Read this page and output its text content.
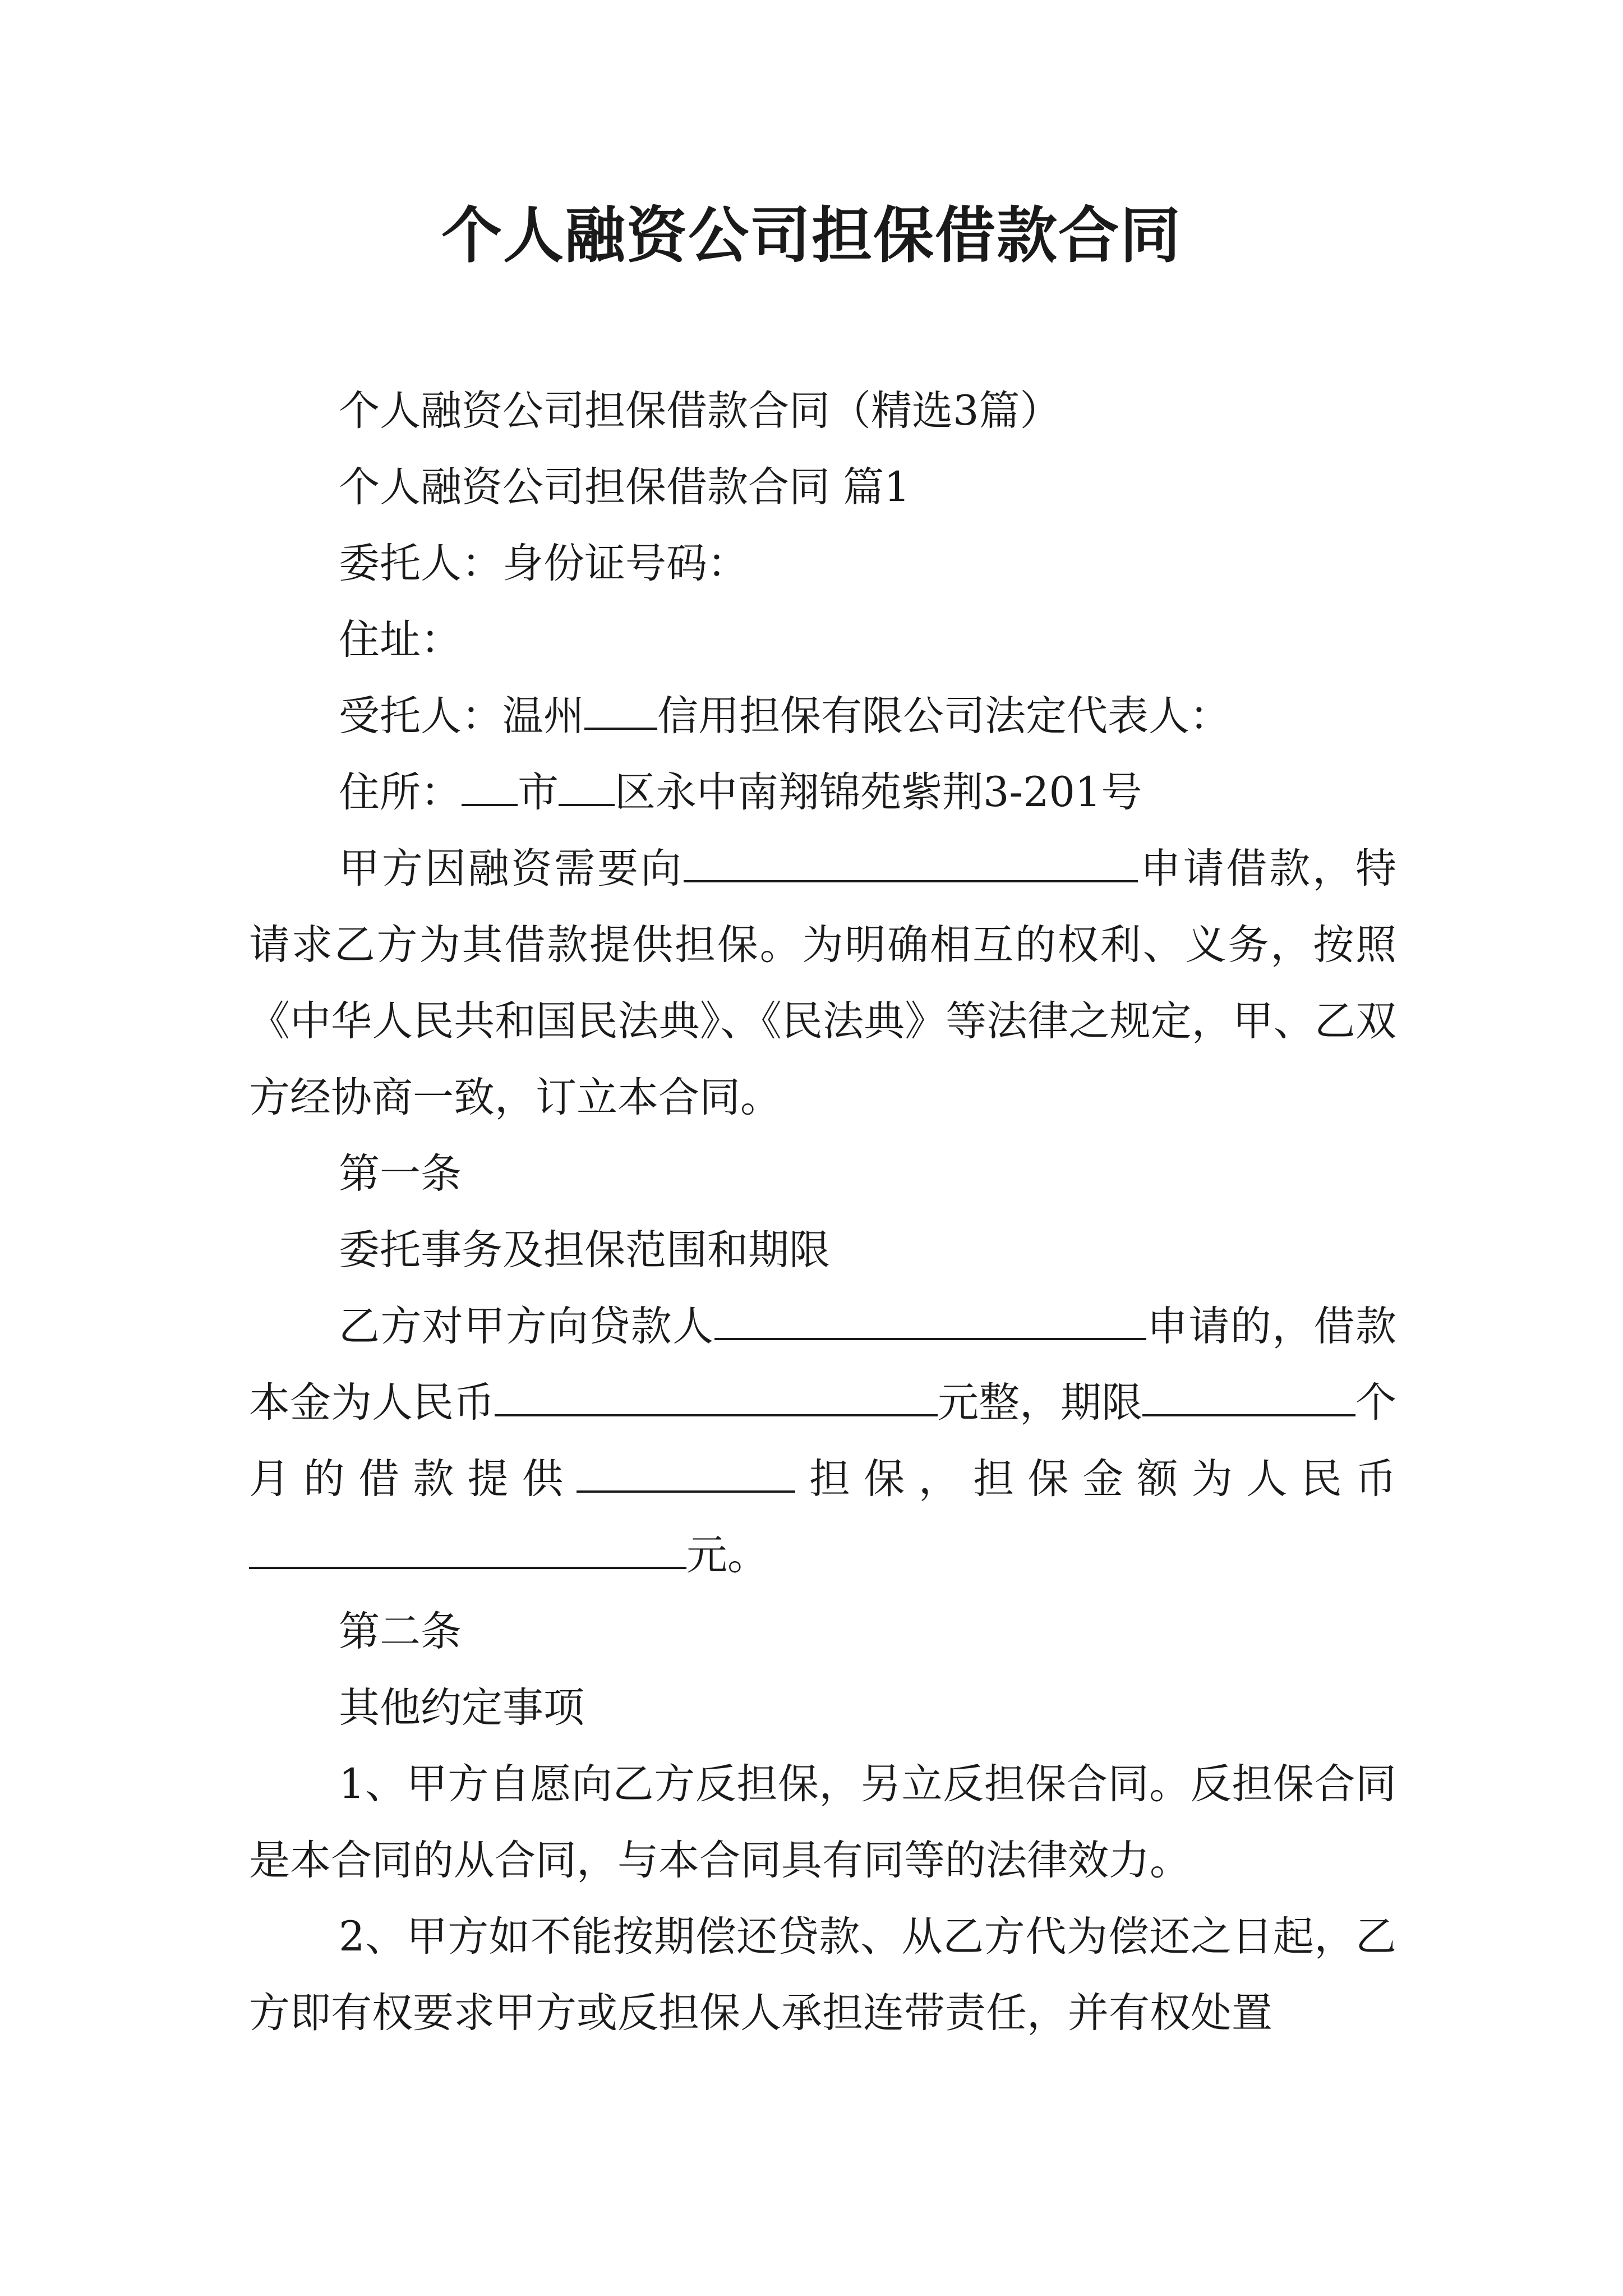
个人融资公司担保借款合同

个人融资公司担保借款合同（精选3篇）

个人融资公司担保借款合同 篇1

委托人：身份证号码：

住址：

受托人：温州 信用担保有限公司法定代表人：

住所： 市 区永中南翔锦苑紫荆3-201号

甲方因融资需要向	申请借款，特请求乙方为其借款提供担保。为明确相互的权利、义务，按照《中华人民共和国民法典》、《民法典》等法律之规定，甲、乙双方经协商一致，订立本合同。

第一条

委托事务及担保范围和期限

乙方对甲方向贷款人	申请的，借款本金为人民币	元整，期限	个月的借款提供	担保，担保金额为人民币元。

第二条

其他约定事项

1、甲方自愿向乙方反担保，另立反担保合同。反担保合同是本合同的从合同，与本合同具有同等的法律效力。

2、甲方如不能按期偿还贷款、从乙方代为偿还之日起，乙方即有权要求甲方或反担保人承担连带责任，并有权处置
